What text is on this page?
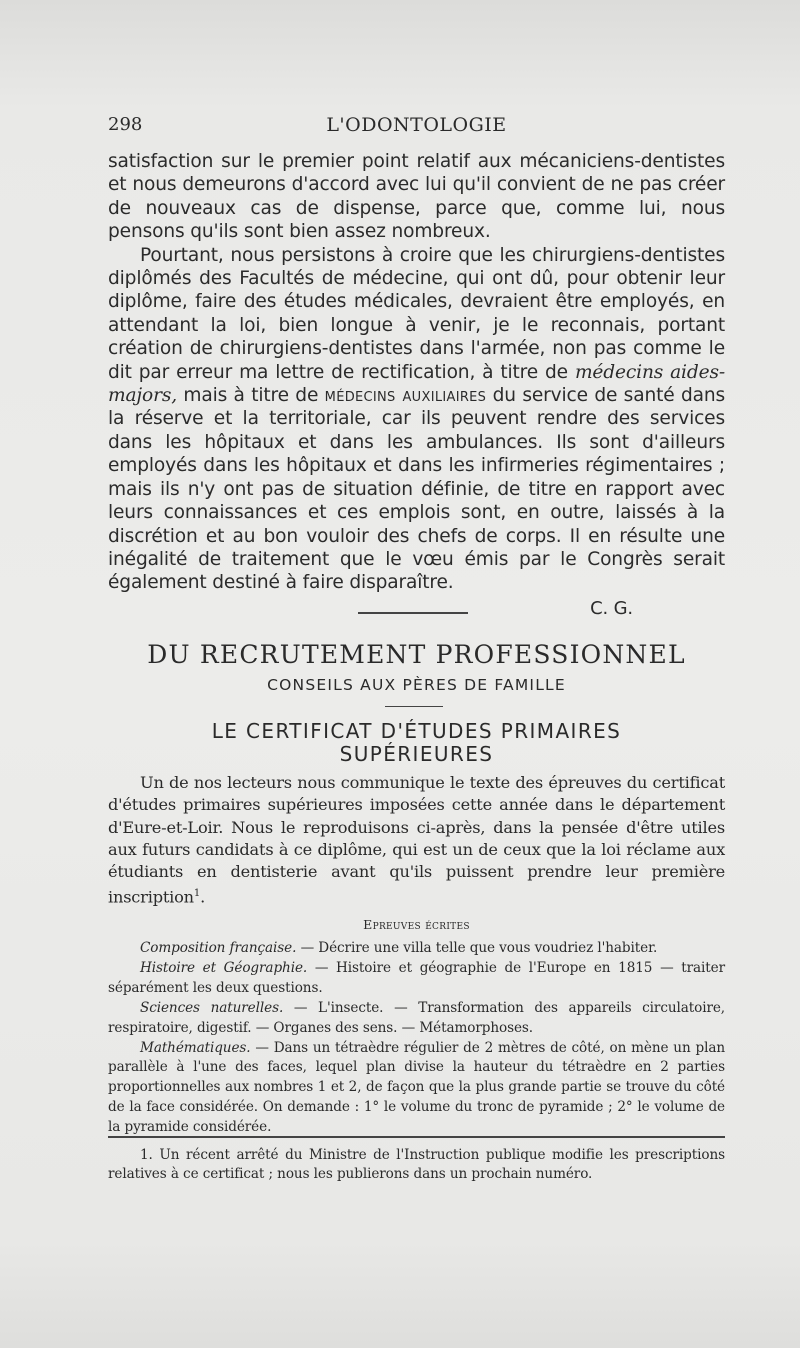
298	L'ODONTOLOGIE

satisfaction sur le premier point relatif aux mécaniciens-dentistes et nous demeurons d'accord avec lui qu'il convient de ne pas créer de nouveaux cas de dispense, parce que, comme lui, nous pensons qu'ils sont bien assez nombreux.

Pourtant, nous persistons à croire que les chirurgiens-dentistes diplômés des Facultés de médecine, qui ont dû, pour obtenir leur diplôme, faire des études médicales, devraient être employés, en attendant la loi, bien longue à venir, je le reconnais, portant création de chirurgiens-dentistes dans l'armée, non pas comme le dit par erreur ma lettre de rectification, à titre de médecins aides-majors, mais à titre de médecins auxiliaires du service de santé dans la réserve et la territoriale, car ils peuvent rendre des services dans les hôpitaux et dans les ambulances. Ils sont d'ailleurs employés dans les hôpitaux et dans les infirmeries régimentaires ; mais ils n'y ont pas de situation définie, de titre en rapport avec leurs connaissances et ces emplois sont, en outre, laissés à la discrétion et au bon vouloir des chefs de corps. Il en résulte une inégalité de traitement que le vœu émis par le Congrès serait également destiné à faire disparaître.

C. G.
DU RECRUTEMENT PROFESSIONNEL
CONSEILS AUX PÈRES DE FAMILLE
LE CERTIFICAT D'ÉTUDES PRIMAIRES
SUPÉRIEURES

Un de nos lecteurs nous communique le texte des épreuves du certificat d'études primaires supérieures imposées cette année dans le département d'Eure-et-Loir. Nous le reproduisons ci-après, dans la pensée d'être utiles aux futurs candidats à ce diplôme, qui est un de ceux que la loi réclame aux étudiants en dentisterie avant qu'ils puissent prendre leur première inscription$^1$.

Epreuves écrites

Composition française. — Décrire une villa telle que vous voudriez l'habiter.

Histoire et Géographie. — Histoire et géographie de l'Europe en 1815 — traiter séparément les deux questions.

Sciences naturelles. — L'insecte. — Transformation des appareils circulatoire, respiratoire, digestif. — Organes des sens. — Métamorphoses.

Mathématiques. — Dans un tétraèdre régulier de 2 mètres de côté, on mène un plan parallèle à l'une des faces, lequel plan divise la hauteur du tétraèdre en 2 parties proportionnelles aux nombres 1 et 2, de façon que la plus grande partie se trouve du côté de la face considérée. On demande : 1° le volume du tronc de pyramide ; 2° le volume de la pyramide considérée.

1. Un récent arrêté du Ministre de l'Instruction publique modifie les prescriptions relatives à ce certificat ; nous les publierons dans un prochain numéro.
